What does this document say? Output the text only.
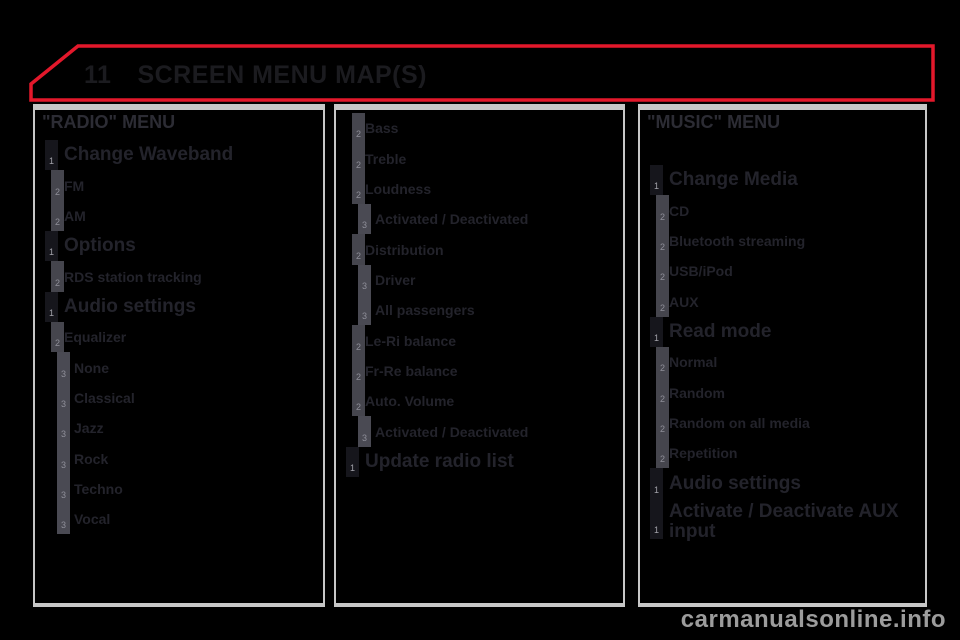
11 SCREEN MENU MAP(S)
"RADIO" MENU
1 Change Waveband
2 FM
2 AM
1 Options
2 RDS station tracking
1 Audio settings
2 Equalizer
3 None
3 Classical
3 Jazz
3 Rock
3 Techno
3 Vocal
2 Bass
2 Treble
2 Loudness
3 Activated / Deactivated
2 Distribution
3 Driver
3 All passengers
2 Le-Ri balance
2 Fr-Re balance
2 Auto. Volume
3 Activated / Deactivated
1 Update radio list
"MUSIC" MENU
1 Change Media
2 CD
2 Bluetooth streaming
2 USB/iPod
2 AUX
1 Read mode
2 Normal
2 Random
2 Random on all media
2 Repetition
1 Audio settings
1
Activate / Deactivate AUX input
carmanualsonline.info
